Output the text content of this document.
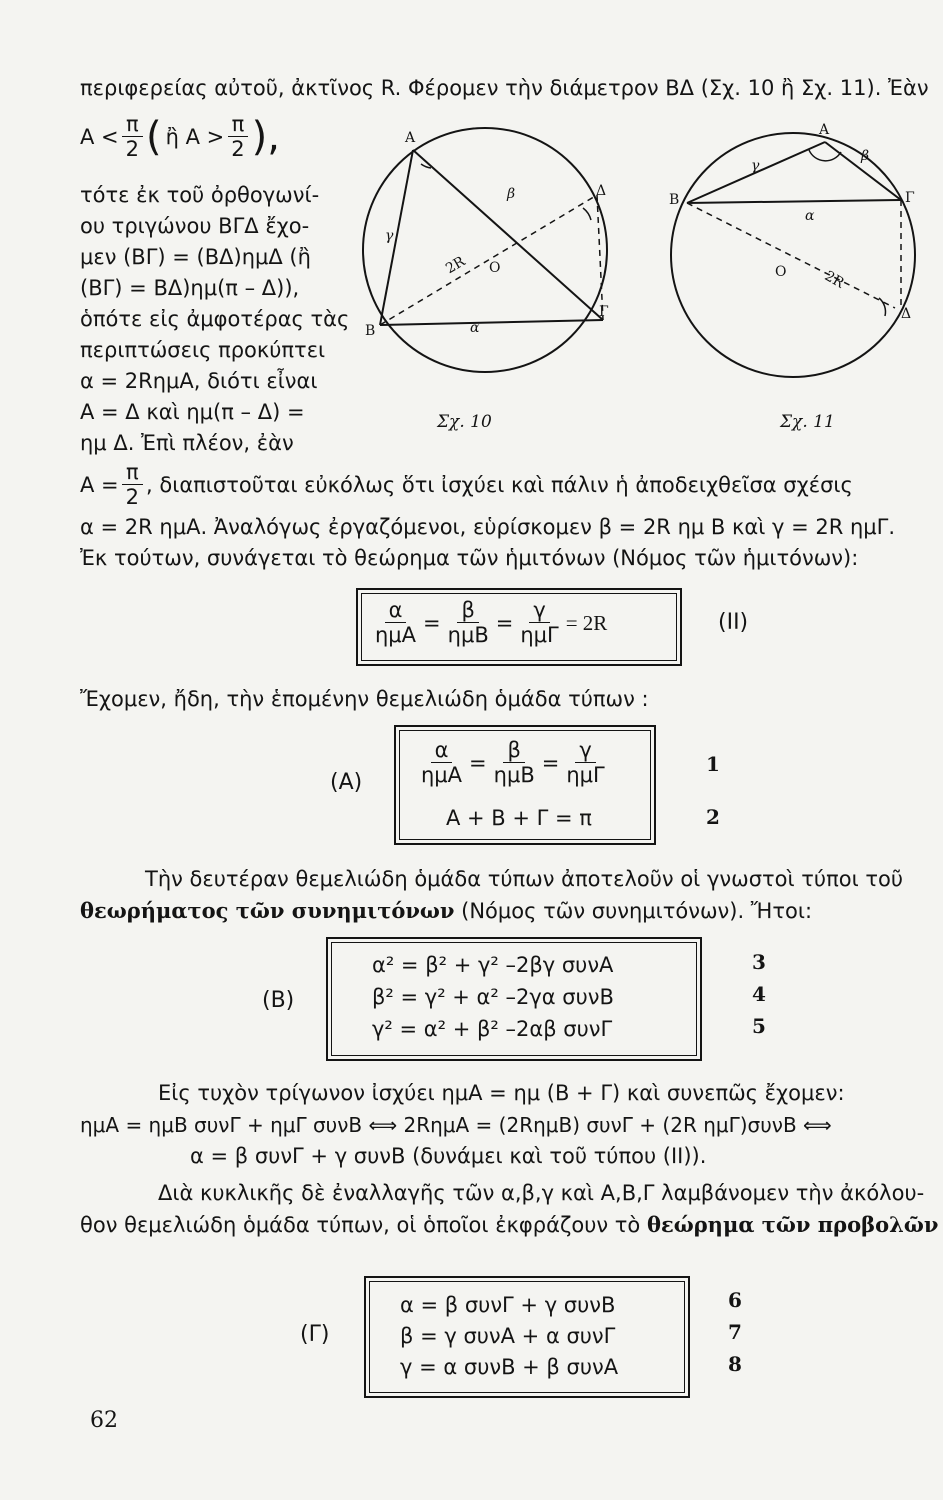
περιφερείας αὐτοῦ, ἀκτῖνος R. Φέρομεν τὴν διάμετρον ΒΔ (Σχ. 10 ἢ Σχ. 11). Ἐὰν
$A < \frac{\pi}{2}$ ( ἢ $A > \frac{\pi}{2}$ ),
τότε ἐκ τοῦ ὀρθογωνί-
ου τριγώνου ΒΓΔ ἔχο-
μεν (ΒΓ) = (ΒΔ)ημΔ (ἢ
(ΒΓ) = ΒΔ)ημ(π – Δ)),
ὁπότε εἰς ἀμφοτέρας τὰς
περιπτώσεις προκύπτει
α = 2RημΑ, διότι εἶναι
Α = Δ καὶ ημ(π – Δ) =
ημ Δ. Ἐπὶ πλέον, ἐὰν
Α
Β
Γ
Δ
Ο
2R
α
β
γ
Σχ. 10
Α
Β	Γ
Δ
Ο	2R
α
β
γ
Σχ. 11
$A = \frac{\pi}{2}$ , διαπιστοῦται εὐκόλως ὅτι ἰσχύει καὶ πάλιν ἡ ἀποδειχθεῖσα σχέσις
α = 2R ημΑ. Ἀναλόγως ἐργαζόμενοι, εὑρίσκομεν β = 2R ημ Β καὶ γ = 2R ημΓ.
Ἐκ τούτων, συνάγεται τὸ θεώρημα τῶν ἡμιτόνων (Νόμος τῶν ἡμιτόνων):
$\frac{\alpha}{\text{ημΑ}} = \frac{\beta}{\text{ημΒ}} = \frac{\gamma}{\text{ημΓ}} = 2R$	(ΙΙ)
Ἔχομεν, ἤδη, τὴν ἑπομένην θεμελιώδη ὁμάδα τύπων :
(A)	$\frac{\alpha}{\text{ημΑ}} = \frac{\beta}{\text{ημΒ}} = \frac{\gamma}{\text{ημΓ}}$
Α + Β + Γ = π
1
2
Τὴν δευτέραν θεμελιώδη ὁμάδα τύπων ἀποτελοῦν οἱ γνωστοὶ τύποι τοῦ
θεωρήματος τῶν συνημιτόνων (Νόμος τῶν συνημιτόνων). Ἤτοι:
(B)
α² = β² + γ² –2βγ συνΑ
β² = γ² + α² –2γα συνΒ
γ² = α² + β² –2αβ συνΓ
3
4
5
Εἰς τυχὸν τρίγωνον ἰσχύει ημΑ = ημ (Β + Γ) καὶ συνεπῶς ἔχομεν:
ημΑ = ημΒ συνΓ + ημΓ συνΒ ⟺ 2RημΑ = (2RημΒ) συνΓ + (2R ημΓ)συνΒ ⟺
α = β συνΓ + γ συνΒ (δυνάμει καὶ τοῦ τύπου (ΙΙ)).
Διὰ κυκλικῆς δὲ ἐναλλαγῆς τῶν α,β,γ καὶ Α,Β,Γ λαμβάνομεν τὴν ἀκόλου-
θον θεμελιώδη ὁμάδα τύπων, οἱ ὁποῖοι ἐκφράζουν τὸ θεώρημα τῶν προβολῶν
(Γ)
α = β συνΓ + γ συνΒ
β = γ συνΑ + α συνΓ
γ = α συνΒ + β συνΑ
6
7
8
62
